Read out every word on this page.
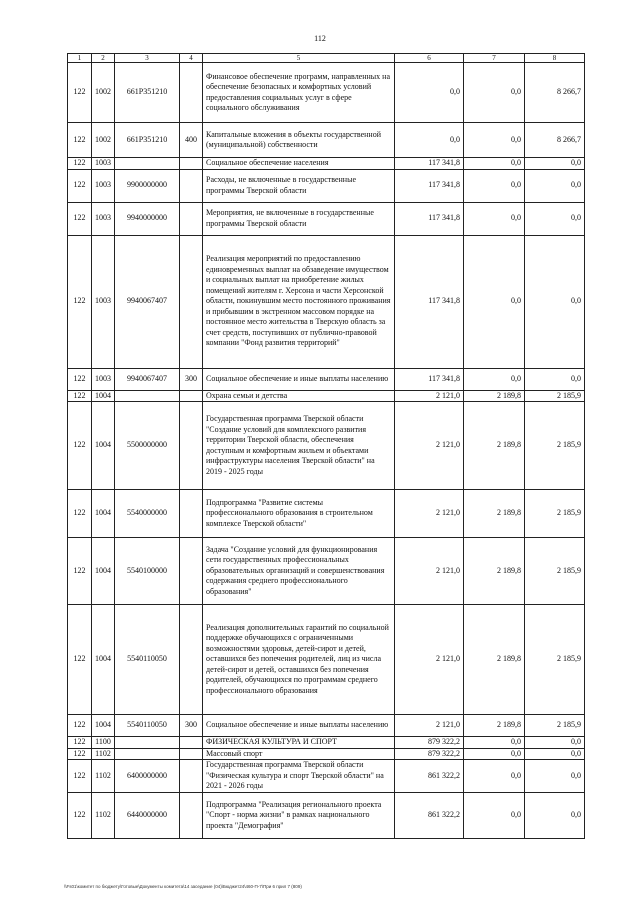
112
1	2	3	4	5	6	7	8
122	1002	661P351210		Финансовое обеспечение программ, направленных на обеспечение безопасных и комфортных условий предоставления социальных услуг в сфере социального обслуживания	0,0	0,0	8 266,7
122	1002	661P351210	400	Капитальные вложения в объекты государственной (муниципальной) собственности	0,0	0,0	8 266,7
122	1003			Социальное обеспечение населения	117 341,8	0,0	0,0
122	1003	9900000000		Расходы, не включенные в государственные программы Тверской области	117 341,8	0,0	0,0
122	1003	9940000000		Мероприятия, не включенные в государственные программы Тверской области	117 341,8	0,0	0,0
122	1003	9940067407		Реализация мероприятий по предоставлению единовременных выплат на обзаведение имуществом и социальных выплат на приобретение жилых помещений жителям г. Херсона и части Херсонской области, покинувшим место постоянного проживания и прибывшим в экстренном массовом порядке на постоянное место жительства в Тверскую область за счет средств, поступивших от публично-правовой компании "Фонд развития территорий"	117 341,8	0,0	0,0
122	1003	9940067407	300	Социальное обеспечение и иные выплаты населению	117 341,8	0,0	0,0
122	1004			Охрана семьи и детства	2 121,0	2 189,8	2 185,9
122	1004	5500000000		Государственная программа Тверской области "Создание условий для комплексного развития территории Тверской области, обеспечения доступным и комфортным жильем и объектами инфраструктуры населения Тверской области" на 2019 - 2025 годы	2 121,0	2 189,8	2 185,9
122	1004	5540000000		Подпрограмма "Развитие системы профессионального образования в строительном комплексе Тверской области"	2 121,0	2 189,8	2 185,9
122	1004	5540100000		Задача "Создание условий для функционирования сети государственных профессиональных образовательных организаций и совершенствования содержания среднего профессионального образования"	2 121,0	2 189,8	2 185,9
122	1004	5540110050		Реализация дополнительных гарантий по социальной поддержке обучающихся с ограниченными возможностями здоровья, детей-сирот и детей, оставшихся без попечения родителей, лиц из числа детей-сирот и детей, оставшихся без попечения родителей, обучающихся по программам среднего профессионального образования	2 121,0	2 189,8	2 185,9
122	1004	5540110050	300	Социальное обеспечение и иные выплаты населению	2 121,0	2 189,8	2 185,9
122	1100			ФИЗИЧЕСКАЯ КУЛЬТУРА И СПОРТ	879 322,2	0,0	0,0
122	1102			Массовый спорт	879 322,2	0,0	0,0
122	1102	6400000000		Государственная программа Тверской области "Физическая культура и спорт Тверской области" на 2021 - 2026 годы	861 322,2	0,0	0,0
122	1102	6440000000		Подпрограмма "Реализация регионального проекта "Спорт - норма жизни" в рамках национального проекта "Демография"	861 322,2	0,0	0,0
\\Fs01\комитет по бюджету\Готовые\Документы комитета\14 заседание (04)\Бюджет24\460-П-7\При 6 прил 7 (809)
